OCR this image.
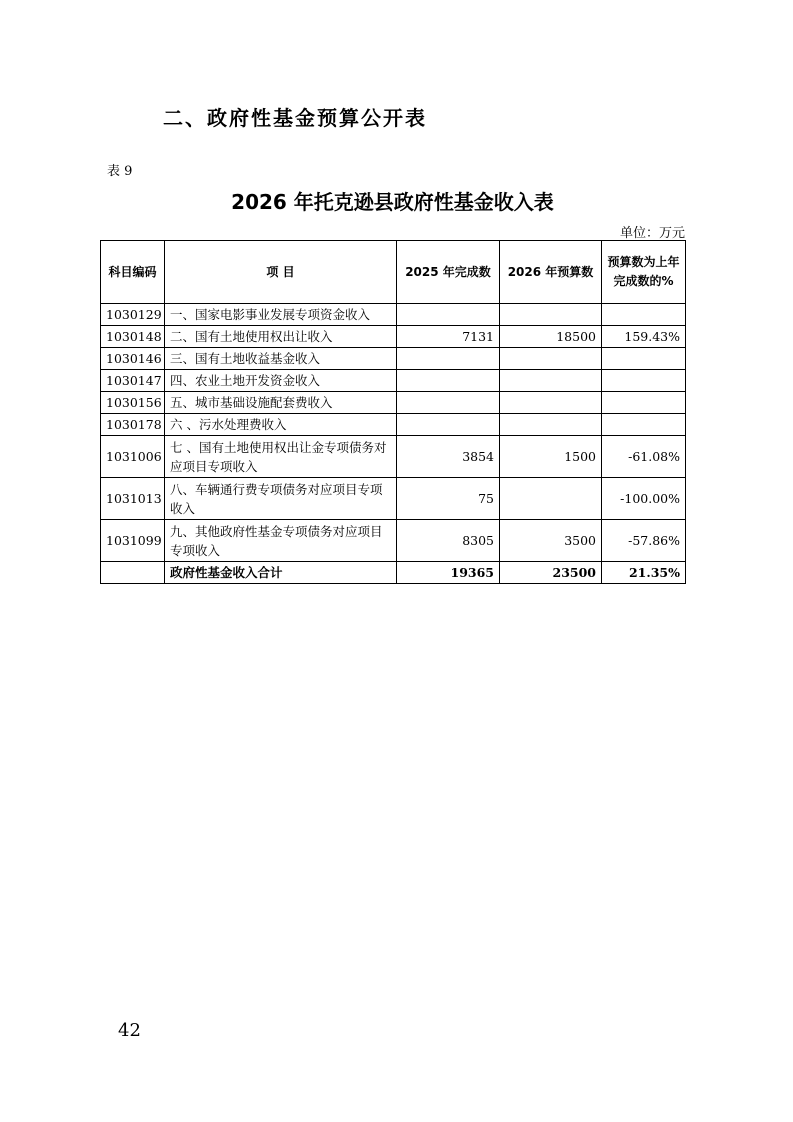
二、政府性基金预算公开表
表 9
2026 年托克逊县政府性基金收入表
单位：万元
科目编码	项 目	2025 年完成数	2026 年预算数	预算数为上年完成数的%
1030129	一、国家电影事业发展专项资金收入			
1030148	二、国有土地使用权出让收入	7131	18500	159.43%
1030146	三、国有土地收益基金收入			
1030147	四、农业土地开发资金收入			
1030156	五、城市基础设施配套费收入			
1030178	六 、污水处理费收入			
1031006	七 、国有土地使用权出让金专项债务对应项目专项收入	3854	1500	-61.08%
1031013	八、车辆通行费专项债务对应项目专项收入	75		-100.00%
1031099	九、其他政府性基金专项债务对应项目专项收入	8305	3500	-57.86%
	政府性基金收入合计	19365	23500	21.35%
42
